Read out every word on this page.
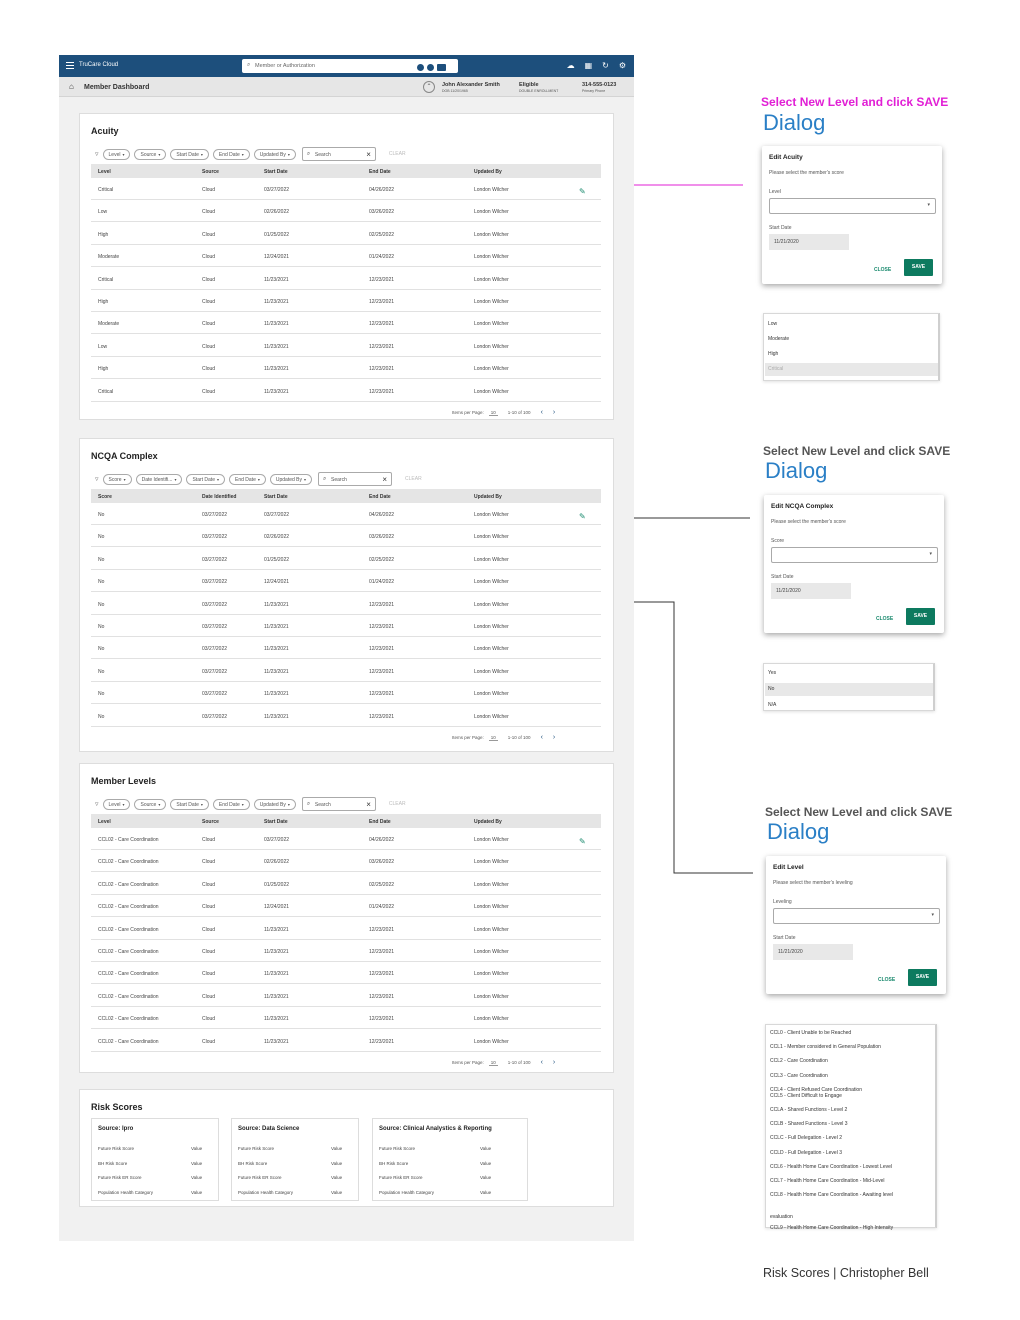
TruCare Cloud	⌕ Member or Authorization	☁ ▦ ↻ ⚙
⌂ Member Dashboard	⌃	John Alexander Smith
DOB 11/20/1965
Eligible
DOUBLE ENROLLMENT
314-555-0123
Primary Phone
Acuity
▿ Level ▾	Source ▾	Start Date ▾	End Date ▾	Updated By ▾	⌕ Search	×	CLEAR
Level	Source	Start Date	End Date	Updated By
Critical	Cloud	03/27/2022	04/26/2022	London Wilcher	✎
Low	Cloud	02/26/2022	03/26/2022	London Wilcher
High	Cloud	01/25/2022	02/25/2022	London Wilcher
Moderate	Cloud	12/24/2021	01/24/2022	London Wilcher
Critical	Cloud	11/23/2021	12/23/2021	London Wilcher
High	Cloud	11/23/2021	12/23/2021	London Wilcher
Moderate	Cloud	11/23/2021	12/23/2021	London Wilcher
Low	Cloud	11/23/2021	12/23/2021	London Wilcher
High	Cloud	11/23/2021	12/23/2021	London Wilcher
Critical	Cloud	11/23/2021	12/23/2021	London Wilcher
Items per Page: 10	1-10 of 100 ‹ ›
NCQA Complex
▿ Score ▾	Date Identifi... ▾	Start Date ▾	End Date ▾	Updated By ▾	⌕ Search	×	CLEAR
Score	Date Identified	Start Date	End Date	Updated By
No	03/27/2022	03/27/2022	04/26/2022	London Wilcher	✎
No	03/27/2022	02/26/2022	03/26/2022	London Wilcher
No	03/27/2022	01/25/2022	02/25/2022	London Wilcher
No	03/27/2022	12/24/2021	01/24/2022	London Wilcher
No	03/27/2022	11/23/2021	12/23/2021	London Wilcher
No	03/27/2022	11/23/2021	12/23/2021	London Wilcher
No	03/27/2022	11/23/2021	12/23/2021	London Wilcher
No	03/27/2022	11/23/2021	12/23/2021	London Wilcher
No	03/27/2022	11/23/2021	12/23/2021	London Wilcher
No	03/27/2022	11/23/2021	12/23/2021	London Wilcher
Items per Page: 10	1-10 of 100 ‹ ›
Member Levels
▿ Level ▾	Source ▾	Start Date ▾	End Date ▾	Updated By ▾	⌕ Search	×	CLEAR
Level	Source	Start Date	End Date	Updated By
CCL02 - Care Coordination	Cloud	03/27/2022	04/26/2022	London Wilcher	✎
CCL02 - Care Coordination	Cloud	02/26/2022	03/26/2022	London Wilcher
CCL02 - Care Coordination	Cloud	01/25/2022	02/25/2022	London Wilcher
CCL02 - Care Coordination	Cloud	12/24/2021	01/24/2022	London Wilcher
CCL02 - Care Coordination	Cloud	11/23/2021	12/23/2021	London Wilcher
CCL02 - Care Coordination	Cloud	11/23/2021	12/23/2021	London Wilcher
CCL02 - Care Coordination	Cloud	11/23/2021	12/23/2021	London Wilcher
CCL02 - Care Coordination	Cloud	11/23/2021	12/23/2021	London Wilcher
CCL02 - Care Coordination	Cloud	11/23/2021	12/23/2021	London Wilcher
CCL02 - Care Coordination	Cloud	11/23/2021	12/23/2021	London Wilcher
Items per Page: 10	1-10 of 100 ‹ ›
Risk Scores
Source: Ipro
Future Risk Score	Value
BH Risk Score	Value
Future Risk ER Score	Value
Population Health Category	Value
Source: Data Science
Future Risk Score	Value
BH Risk Score	Value
Future Risk ER Score	Value
Population Health Category	Value
Source: Clinical Analystics & Reporting
Future Risk Score	Value
BH Risk Score	Value
Future Risk ER Score	Value
Population Health Category	Value
Select New Level and click SAVE
Dialog
Edit Acuity
Please select the member's score
Level
▾
Start Date
11/21/2020
CLOSE	SAVE
Low
Moderate
High
Critical
Select New Level and click SAVE
Dialog
Edit NCQA Complex
Please select the member's score
Score
▾
Start Date
11/21/2020
CLOSE	SAVE
Yes
No
N/A
Select New Level and click SAVE
Dialog
Edit Level
Please select the member's leveling
Leveling
▾
Start Date
11/21/2020
CLOSE	SAVE
CCL0 - Client Unable to be Reached
CCL1 - Member considered in General Population
CCL2 - Care Coordination
CCL3 - Care Coordination
CCL4 - Client Refused Care Coordination
CCL5 - Client Difficult to Engage
CCLA - Shared Functions - Level 2
CCLB - Shared Functions - Level 3
CCLC - Full Delegation - Level 2
CCLD - Full Delegation - Level 3
CCL6 - Health Home Care Coordination - Lowest Level
CCL7 - Health Home Care Coordination - Mid-Level
CCL8 - Health Home Care Coordination - Awaiting level
evaluation
CCL9 - Health Home Care Coordination - High Intensity
Risk Scores | Christopher Bell
